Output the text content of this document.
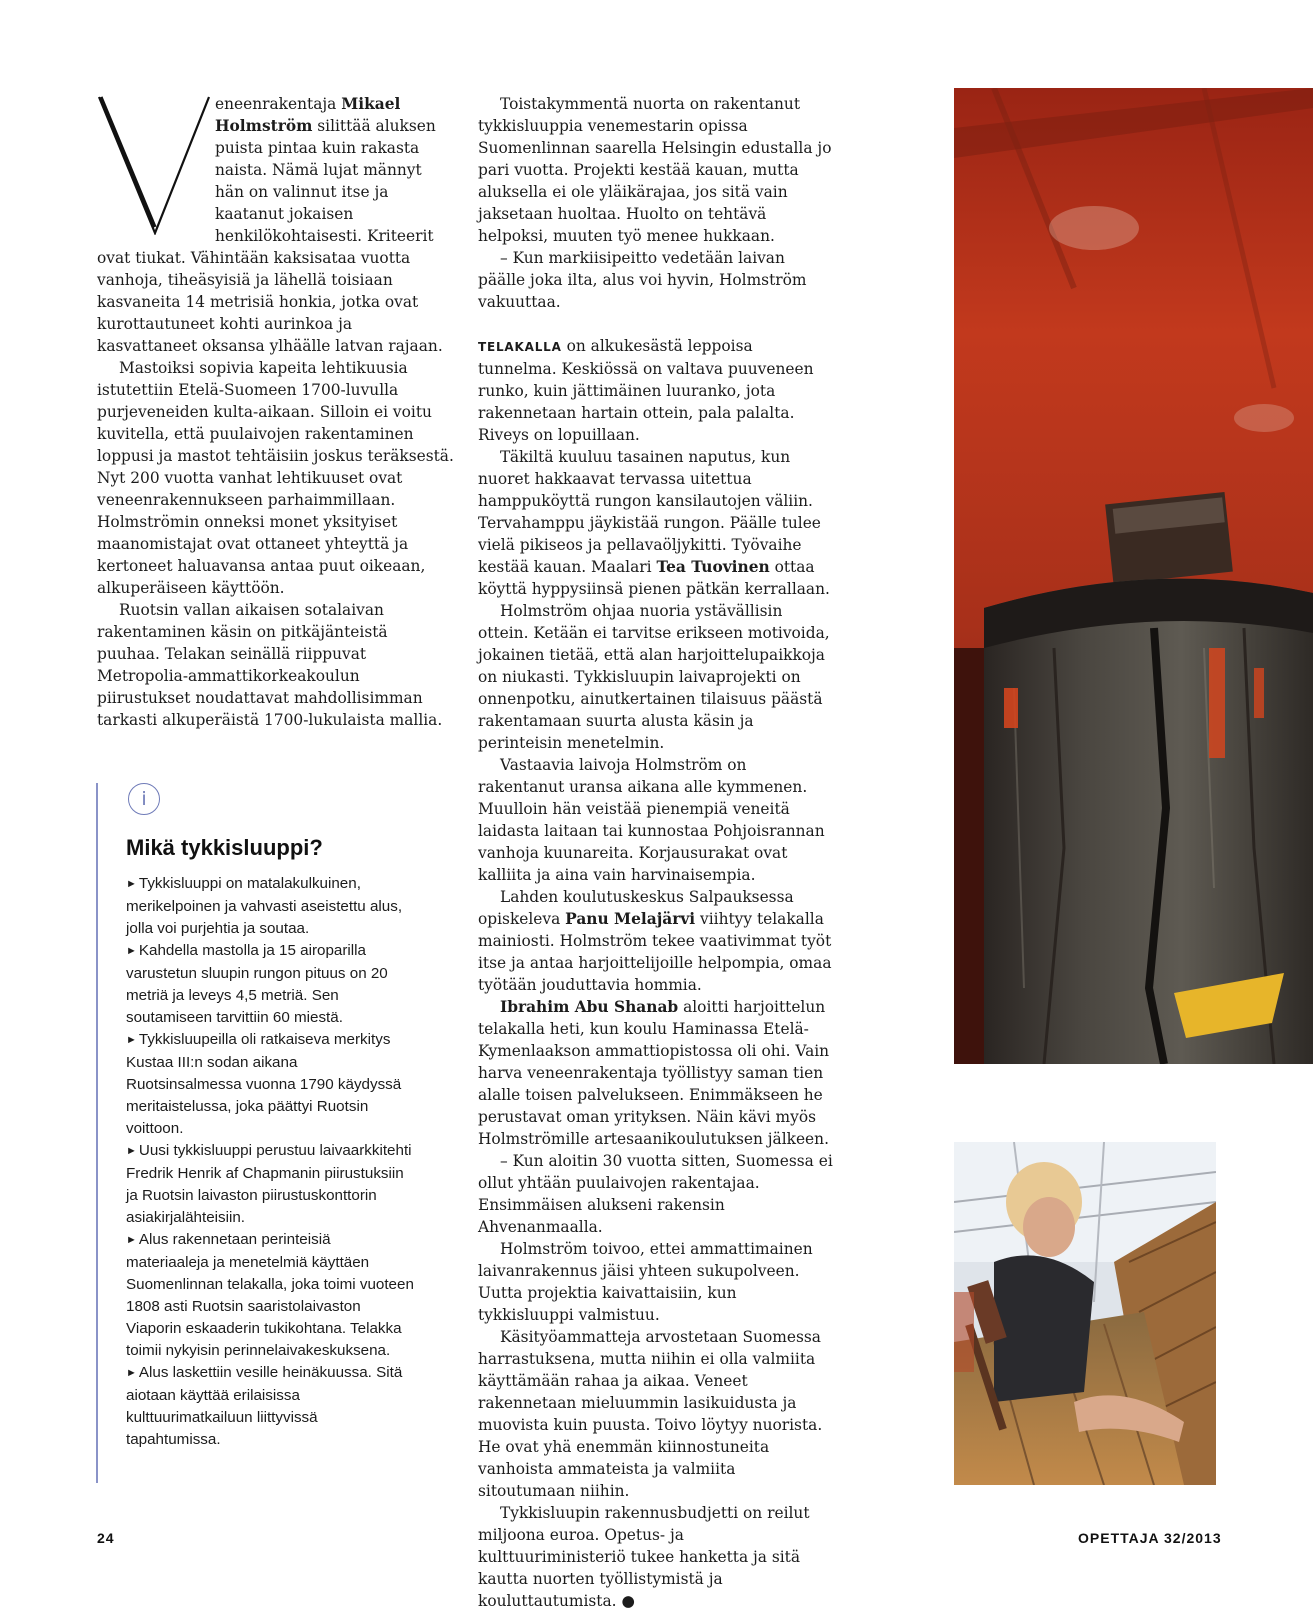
eneenrakentaja Mikael Holmström silittää aluksen puista pintaa kuin rakasta naista. Nämä lujat männyt hän on valinnut itse ja kaatanut jokaisen henkilökohtaisesti. Kriteerit ovat tiukat. Vähintään kaksisataa vuotta vanhoja, tiheäsyisiä ja lähellä toisiaan kasvaneita 14 metrisiä honkia, jotka ovat kurottautuneet kohti aurinkoa ja kasvattaneet oksansa ylhäälle latvan rajaan.

Mastoiksi sopivia kapeita lehtikuusia istutettiin Etelä-Suomeen 1700-luvulla purjeveneiden kulta-aikaan. Silloin ei voitu kuvitella, että puulaivojen rakentaminen loppusi ja mastot tehtäisiin joskus teräksestä. Nyt 200 vuotta vanhat lehtikuuset ovat veneenrakennukseen parhaimmillaan. Holmströmin onneksi monet yksityiset maanomistajat ovat ottaneet yhteyttä ja kertoneet haluavansa antaa puut oikeaan, alkuperäiseen käyttöön.

Ruotsin vallan aikaisen sotalaivan rakentaminen käsin on pitkäjänteistä puuhaa. Telakan seinällä riippuvat Metropolia-ammattikorkeakoulun piirustukset noudattavat mahdollisimman tarkasti alkuperäistä 1700-lukulaista mallia.

i
Mikä tykkisluuppi?
► Tykkisluuppi on matalakulkuinen, merikelpoinen ja vahvasti aseistettu alus, jolla voi purjehtia ja soutaa.
► Kahdella mastolla ja 15 airoparilla varustetun sluupin rungon pituus on 20 metriä ja leveys 4,5 metriä. Sen soutamiseen tarvittiin 60 miestä.
► Tykkisluupeilla oli ratkaiseva merkitys Kustaa III:n sodan aikana Ruotsinsalmessa vuonna 1790 käydyssä meritaistelussa, joka päättyi Ruotsin voittoon.
► Uusi tykkisluuppi perustuu laivaarkkitehti Fredrik Henrik af Chapmanin piirustuksiin ja Ruotsin laivaston piirustuskonttorin asiakirjalähteisiin.
► Alus rakennetaan perinteisiä materiaaleja ja menetelmiä käyttäen Suomenlinnan telakalla, joka toimi vuoteen 1808 asti Ruotsin saaristolaivaston Viaporin eskaaderin tukikohtana. Telakka toimii nykyisin perinnelaivakeskuksena.
► Alus laskettiin vesille heinäkuussa. Sitä aiotaan käyttää erilaisissa kulttuurimatkailuun liittyvissä tapahtumissa.

Toistakymmentä nuorta on rakentanut tykkisluuppia venemestarin opissa Suomenlinnan saarella Helsingin edustalla jo pari vuotta. Projekti kestää kauan, mutta aluksella ei ole yläikärajaa, jos sitä vain jaksetaan huoltaa. Huolto on tehtävä helpoksi, muuten työ menee hukkaan.

– Kun markiisipeitto vedetään laivan päälle joka ilta, alus voi hyvin, Holmström vakuuttaa.

TELAKALLA on alkukesästä leppoisa tunnelma. Keskiössä on valtava puuveneen runko, kuin jättimäinen luuranko, jota rakennetaan hartain ottein, pala palalta. Riveys on lopuillaan.

Täkiltä kuuluu tasainen naputus, kun nuoret hakkaavat tervassa uitettua hamppuköyttä rungon kansilautojen väliin. Tervahamppu jäykistää rungon. Päälle tulee vielä pikiseos ja pellavaöljykitti. Työvaihe kestää kauan. Maalari Tea Tuovinen ottaa köyttä hyppysiinsä pienen pätkän kerrallaan.

Holmström ohjaa nuoria ystävällisin ottein. Ketään ei tarvitse erikseen motivoida, jokainen tietää, että alan harjoittelupaikkoja on niukasti. Tykkisluupin laivaprojekti on onnenpotku, ainutkertainen tilaisuus päästä rakentamaan suurta alusta käsin ja perinteisin menetelmin.

Vastaavia laivoja Holmström on rakentanut uransa aikana alle kymmenen. Muulloin hän veistää pienempiä veneitä laidasta laitaan tai kunnostaa Pohjoisrannan vanhoja kuunareita. Korjausurakat ovat kalliita ja aina vain harvinaisempia.

Lahden koulutuskeskus Salpauksessa opiskeleva Panu Melajärvi viihtyy telakalla mainiosti. Holmström tekee vaativimmat työt itse ja antaa harjoittelijoille helpompia, omaa työtään jouduttavia hommia.

Ibrahim Abu Shanab aloitti harjoittelun telakalla heti, kun koulu Haminassa Etelä-Kymenlaakson ammattiopistossa oli ohi. Vain harva veneenrakentaja työllistyy saman tien alalle toisen palvelukseen. Enimmäkseen he perustavat oman yrityksen. Näin kävi myös Holmströmille artesaanikoulutuksen jälkeen.

– Kun aloitin 30 vuotta sitten, Suomessa ei ollut yhtään puulaivojen rakentajaa. Ensimmäisen alukseni rakensin Ahvenanmaalla.

Holmström toivoo, ettei ammattimainen laivanrakennus jäisi yhteen sukupolveen. Uutta projektia kaivattaisiin, kun tykkisluuppi valmistuu.

Käsityöammatteja arvostetaan Suomessa harrastuksena, mutta niihin ei olla valmiita käyttämään rahaa ja aikaa. Veneet rakennetaan mieluummin lasikuidusta ja muovista kuin puusta. Toivo löytyy nuorista. He ovat yhä enemmän kiinnostuneita vanhoista ammateista ja valmiita sitoutumaan niihin.

Tykkisluupin rakennusbudjetti on reilut miljoona euroa. Opetus- ja kulttuuriministeriö tukee hanketta ja sitä kautta nuorten työllistymistä ja kouluttautumista. ●

24	OPETTAJA 32/2013
